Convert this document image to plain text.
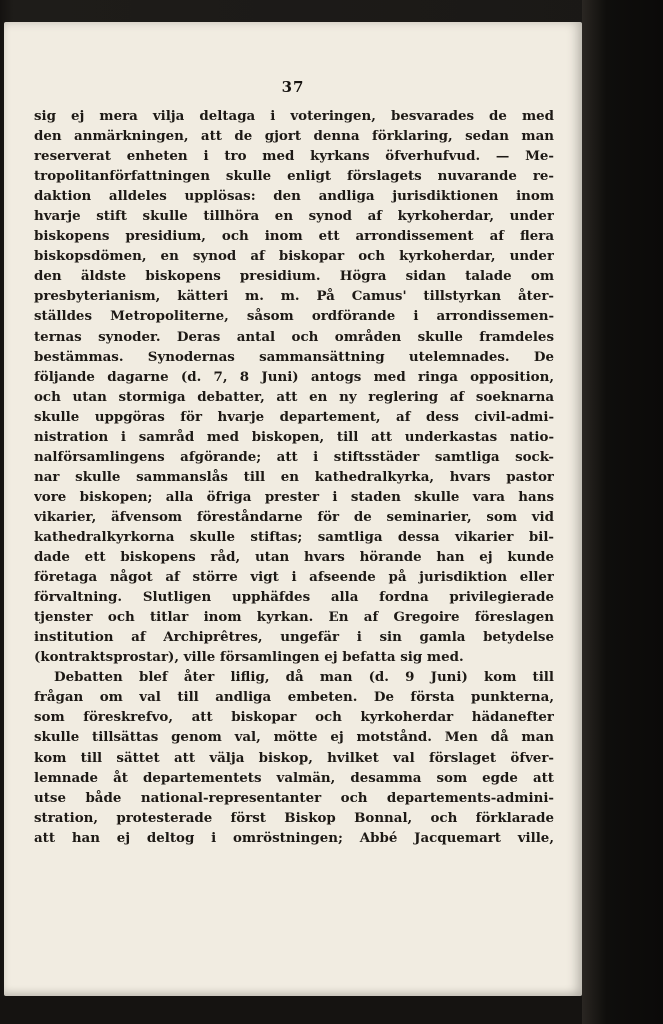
37
sig ej mera vilja deltaga i voteringen, besvarades de med
den anmärkningen, att de gjort denna förklaring, sedan man
reserverat enheten i tro med kyrkans öfverhufvud. — Me-
tropolitanförfattningen skulle enligt förslagets nuvarande re-
daktion alldeles upplösas: den andliga jurisdiktionen inom
hvarje stift skulle tillhöra en synod af kyrkoherdar, under
biskopens presidium, och inom ett arrondissement af flera
biskopsdömen, en synod af biskopar och kyrkoherdar, under
den äldste biskopens presidium. Högra sidan talade om
presbyterianism, kätteri m. m. På Camus' tillstyrkan åter-
ställdes Metropoliterne, såsom ordförande i arrondissemen-
ternas synoder. Deras antal och områden skulle framdeles
bestämmas. Synodernas sammansättning utelemnades. De
följande dagarne (d. 7, 8 Juni) antogs med ringa opposition,
och utan stormiga debatter, att en ny reglering af soeknarna
skulle uppgöras för hvarje departement, af dess civil-admi-
nistration i samråd med biskopen, till att underkastas natio-
nalförsamlingens afgörande; att i stiftsstäder samtliga sock-
nar skulle sammanslås till en kathedralkyrka, hvars pastor
vore biskopen; alla öfriga prester i staden skulle vara hans
vikarier, äfvensom föreståndarne för de seminarier, som vid
kathedralkyrkorna skulle stiftas; samtliga dessa vikarier bil-
dade ett biskopens råd, utan hvars hörande han ej kunde
företaga något af större vigt i afseende på jurisdiktion eller
förvaltning. Slutligen upphäfdes alla fordna privilegierade
tjenster och titlar inom kyrkan. En af Gregoire föreslagen
institution af Archiprêtres, ungefär i sin gamla betydelse
(kontraktsprostar), ville församlingen ej befatta sig med.
Debatten blef åter liflig, då man (d. 9 Juni) kom till
frågan om val till andliga embeten. De första punkterna,
som föreskrefvo, att biskopar och kyrkoherdar hädanefter
skulle tillsättas genom val, mötte ej motstånd. Men då man
kom till sättet att välja biskop, hvilket val förslaget öfver-
lemnade åt departementets valmän, desamma som egde att
utse både national-representanter och departements-admini-
stration, protesterade först Biskop Bonnal, och förklarade
att han ej deltog i omröstningen; Abbé Jacquemart ville,
